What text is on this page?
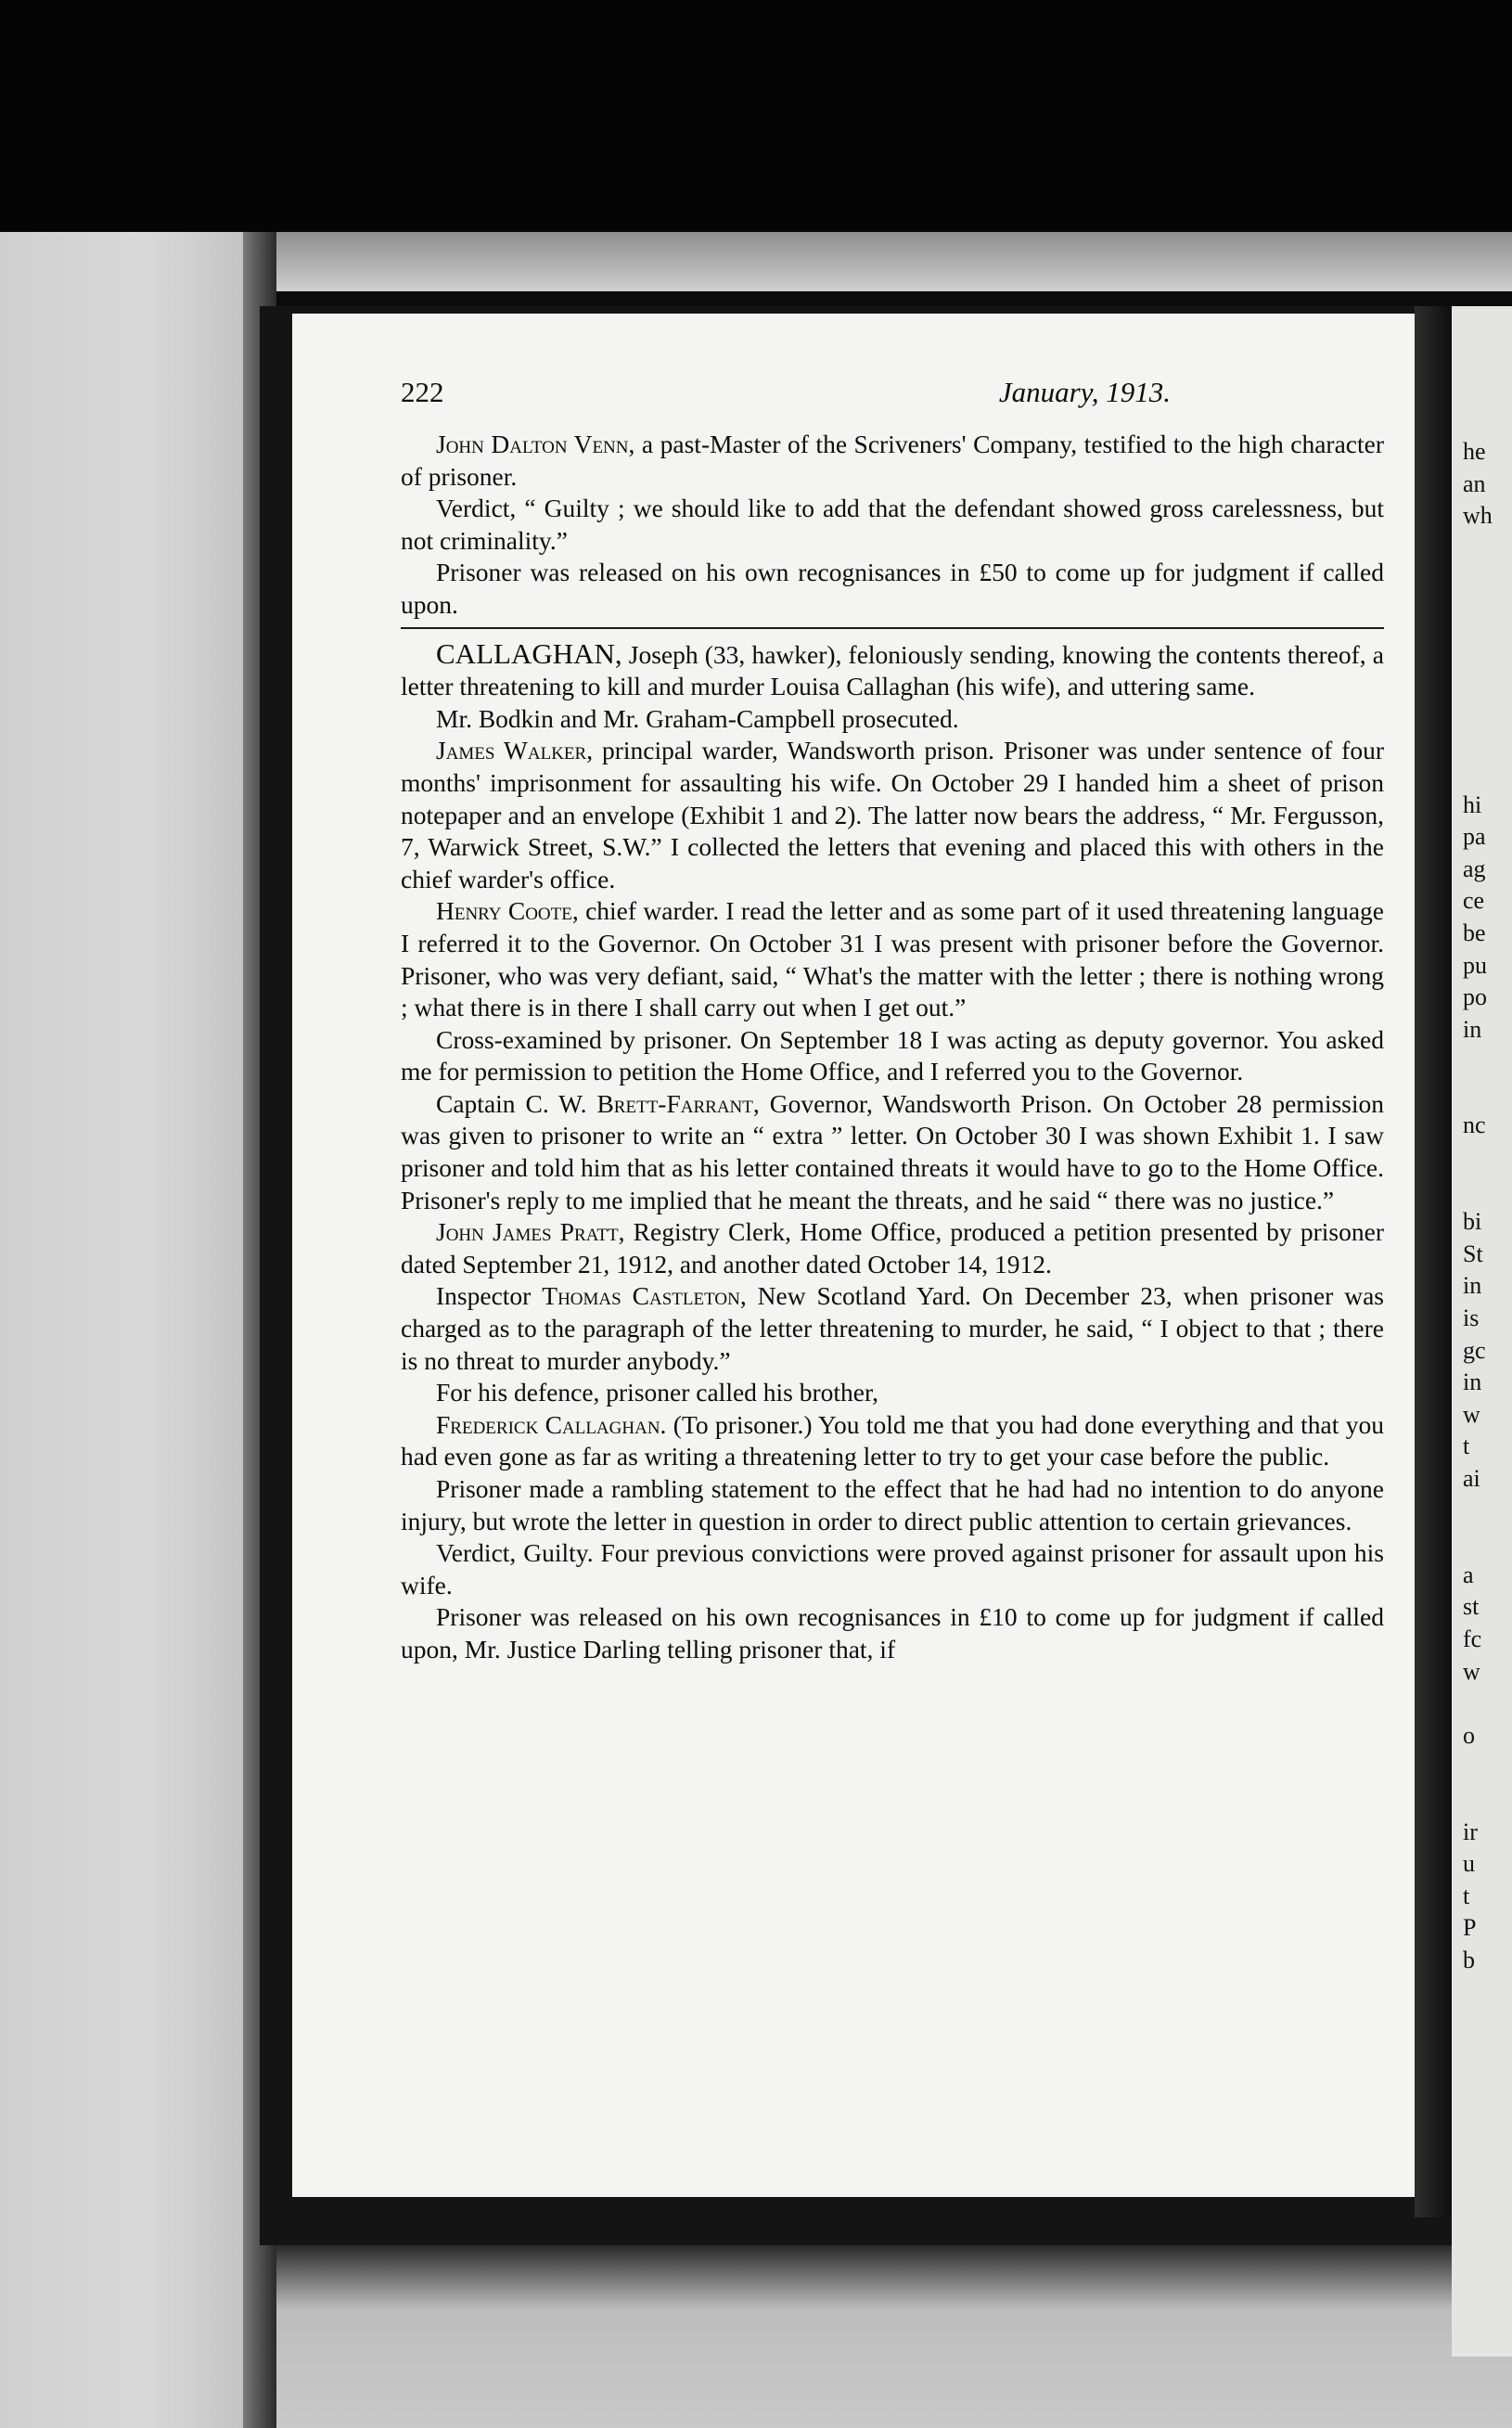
222	January, 1913.

John Dalton Venn, a past-Master of the Scriveners' Company, testified to the high character of prisoner.

Verdict, “ Guilty ; we should like to add that the defendant showed gross carelessness, but not criminality.”

Prisoner was released on his own recognisances in £50 to come up for judgment if called upon.

CALLAGHAN, Joseph (33, hawker), feloniously sending, knowing the contents thereof, a letter threatening to kill and murder Louisa Callaghan (his wife), and uttering same.

Mr. Bodkin and Mr. Graham-Campbell prosecuted.

James Walker, principal warder, Wandsworth prison. Prisoner was under sentence of four months' imprisonment for assaulting his wife. On October 29 I handed him a sheet of prison notepaper and an envelope (Exhibit 1 and 2). The latter now bears the address, “ Mr. Fergusson, 7, Warwick Street, S.W.” I collected the letters that evening and placed this with others in the chief warder's office.

Henry Coote, chief warder. I read the letter and as some part of it used threatening language I referred it to the Governor. On October 31 I was present with prisoner before the Governor. Prisoner, who was very defiant, said, “ What's the matter with the letter ; there is nothing wrong ; what there is in there I shall carry out when I get out.”

Cross-examined by prisoner. On September 18 I was acting as deputy governor. You asked me for permission to petition the Home Office, and I referred you to the Governor.

Captain C. W. Brett-Farrant, Governor, Wandsworth Prison. On October 28 permission was given to prisoner to write an “ extra ” letter. On October 30 I was shown Exhibit 1. I saw prisoner and told him that as his letter contained threats it would have to go to the Home Office. Prisoner's reply to me implied that he meant the threats, and he said “ there was no justice.”

John James Pratt, Registry Clerk, Home Office, produced a petition presented by prisoner dated September 21, 1912, and another dated October 14, 1912.

Inspector Thomas Castleton, New Scotland Yard. On December 23, when prisoner was charged as to the paragraph of the letter threatening to murder, he said, “ I object to that ; there is no threat to murder anybody.”

For his defence, prisoner called his brother,

Frederick Callaghan. (To prisoner.) You told me that you had done everything and that you had even gone as far as writing a threatening letter to try to get your case before the public.

Prisoner made a rambling statement to the effect that he had had no intention to do anyone injury, but wrote the letter in question in order to direct public attention to certain grievances.

Verdict, Guilty. Four previous convictions were proved against prisoner for assault upon his wife.

Prisoner was released on his own recognisances in £10 to come up for judgment if called upon, Mr. Justice Darling telling prisoner that, if

he
an
wh
hi
pa
ag
ce
be
pu
po
in
nc
bi
St
in
is
gc
in
w
t
ai
a
st
fc
w
o
ir
u
t
P
b
